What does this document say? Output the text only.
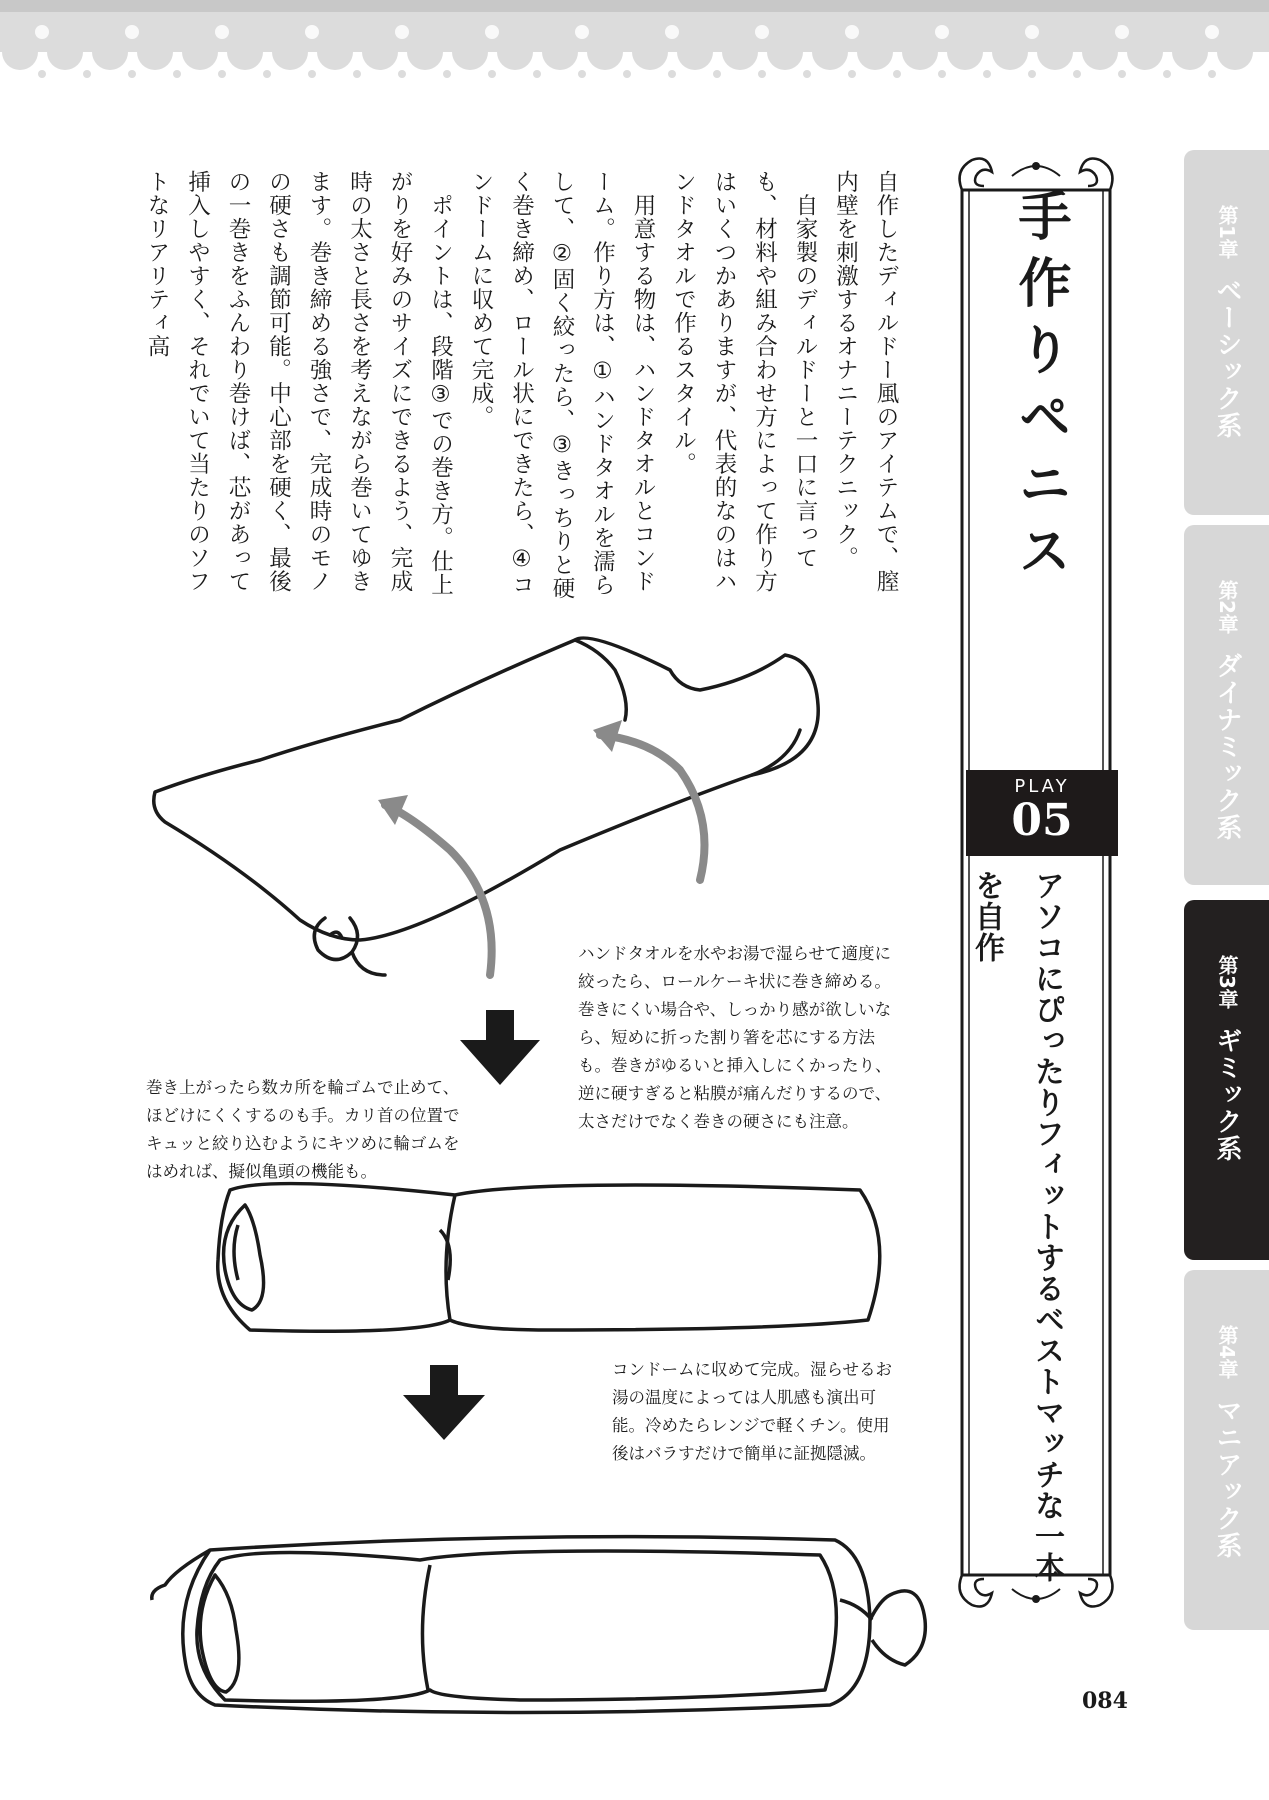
自作したディルドー風のアイテムで、膣内壁を刺激するオナニーテクニック。

　自家製のディルドーと一口に言っても、材料や組み合わせ方によって作り方はいくつかありますが、代表的なのはハンドタオルで作るスタイル。

　用意する物は、ハンドタオルとコンドーム。作り方は、①ハンドタオルを濡らして、②固く絞ったら、③きっちりと硬く巻き締め、ロール状にできたら、④コンドームに収めて完成。

　ポイントは、段階③での巻き方。仕上がりを好みのサイズにできるよう、完成時の太さと長さを考えながら巻いてゆきます。巻き締める強さで、完成時のモノの硬さも調節可能。中心部を硬く、最後の一巻きをふんわり巻けば、芯があって挿入しやすく、それでいて当たりのソフトなリアリティ高	手作りペニス
PLAY
05
アソコにぴったりフィットするベストマッチな一本を自作
第1章ベーシック系
第2章ダイナミック系
第3章ギミック系
第4章マニアック系

ハンドタオルを水やお湯で湿らせて適度に絞ったら、ロールケーキ状に巻き締める。巻きにくい場合や、しっかり感が欲しいなら、短めに折った割り箸を芯にする方法も。巻きがゆるいと挿入しにくかったり、逆に硬すぎると粘膜が痛んだりするので、太さだけでなく巻きの硬さにも注意。

巻き上がったら数カ所を輪ゴムで止めて、ほどけにくくするのも手。カリ首の位置でキュッと絞り込むようにキツめに輪ゴムをはめれば、擬似亀頭の機能も。

コンドームに収めて完成。湿らせるお湯の温度によっては人肌感も演出可能。冷めたらレンジで軽くチン。使用後はバラすだけで簡単に証拠隠滅。

084
